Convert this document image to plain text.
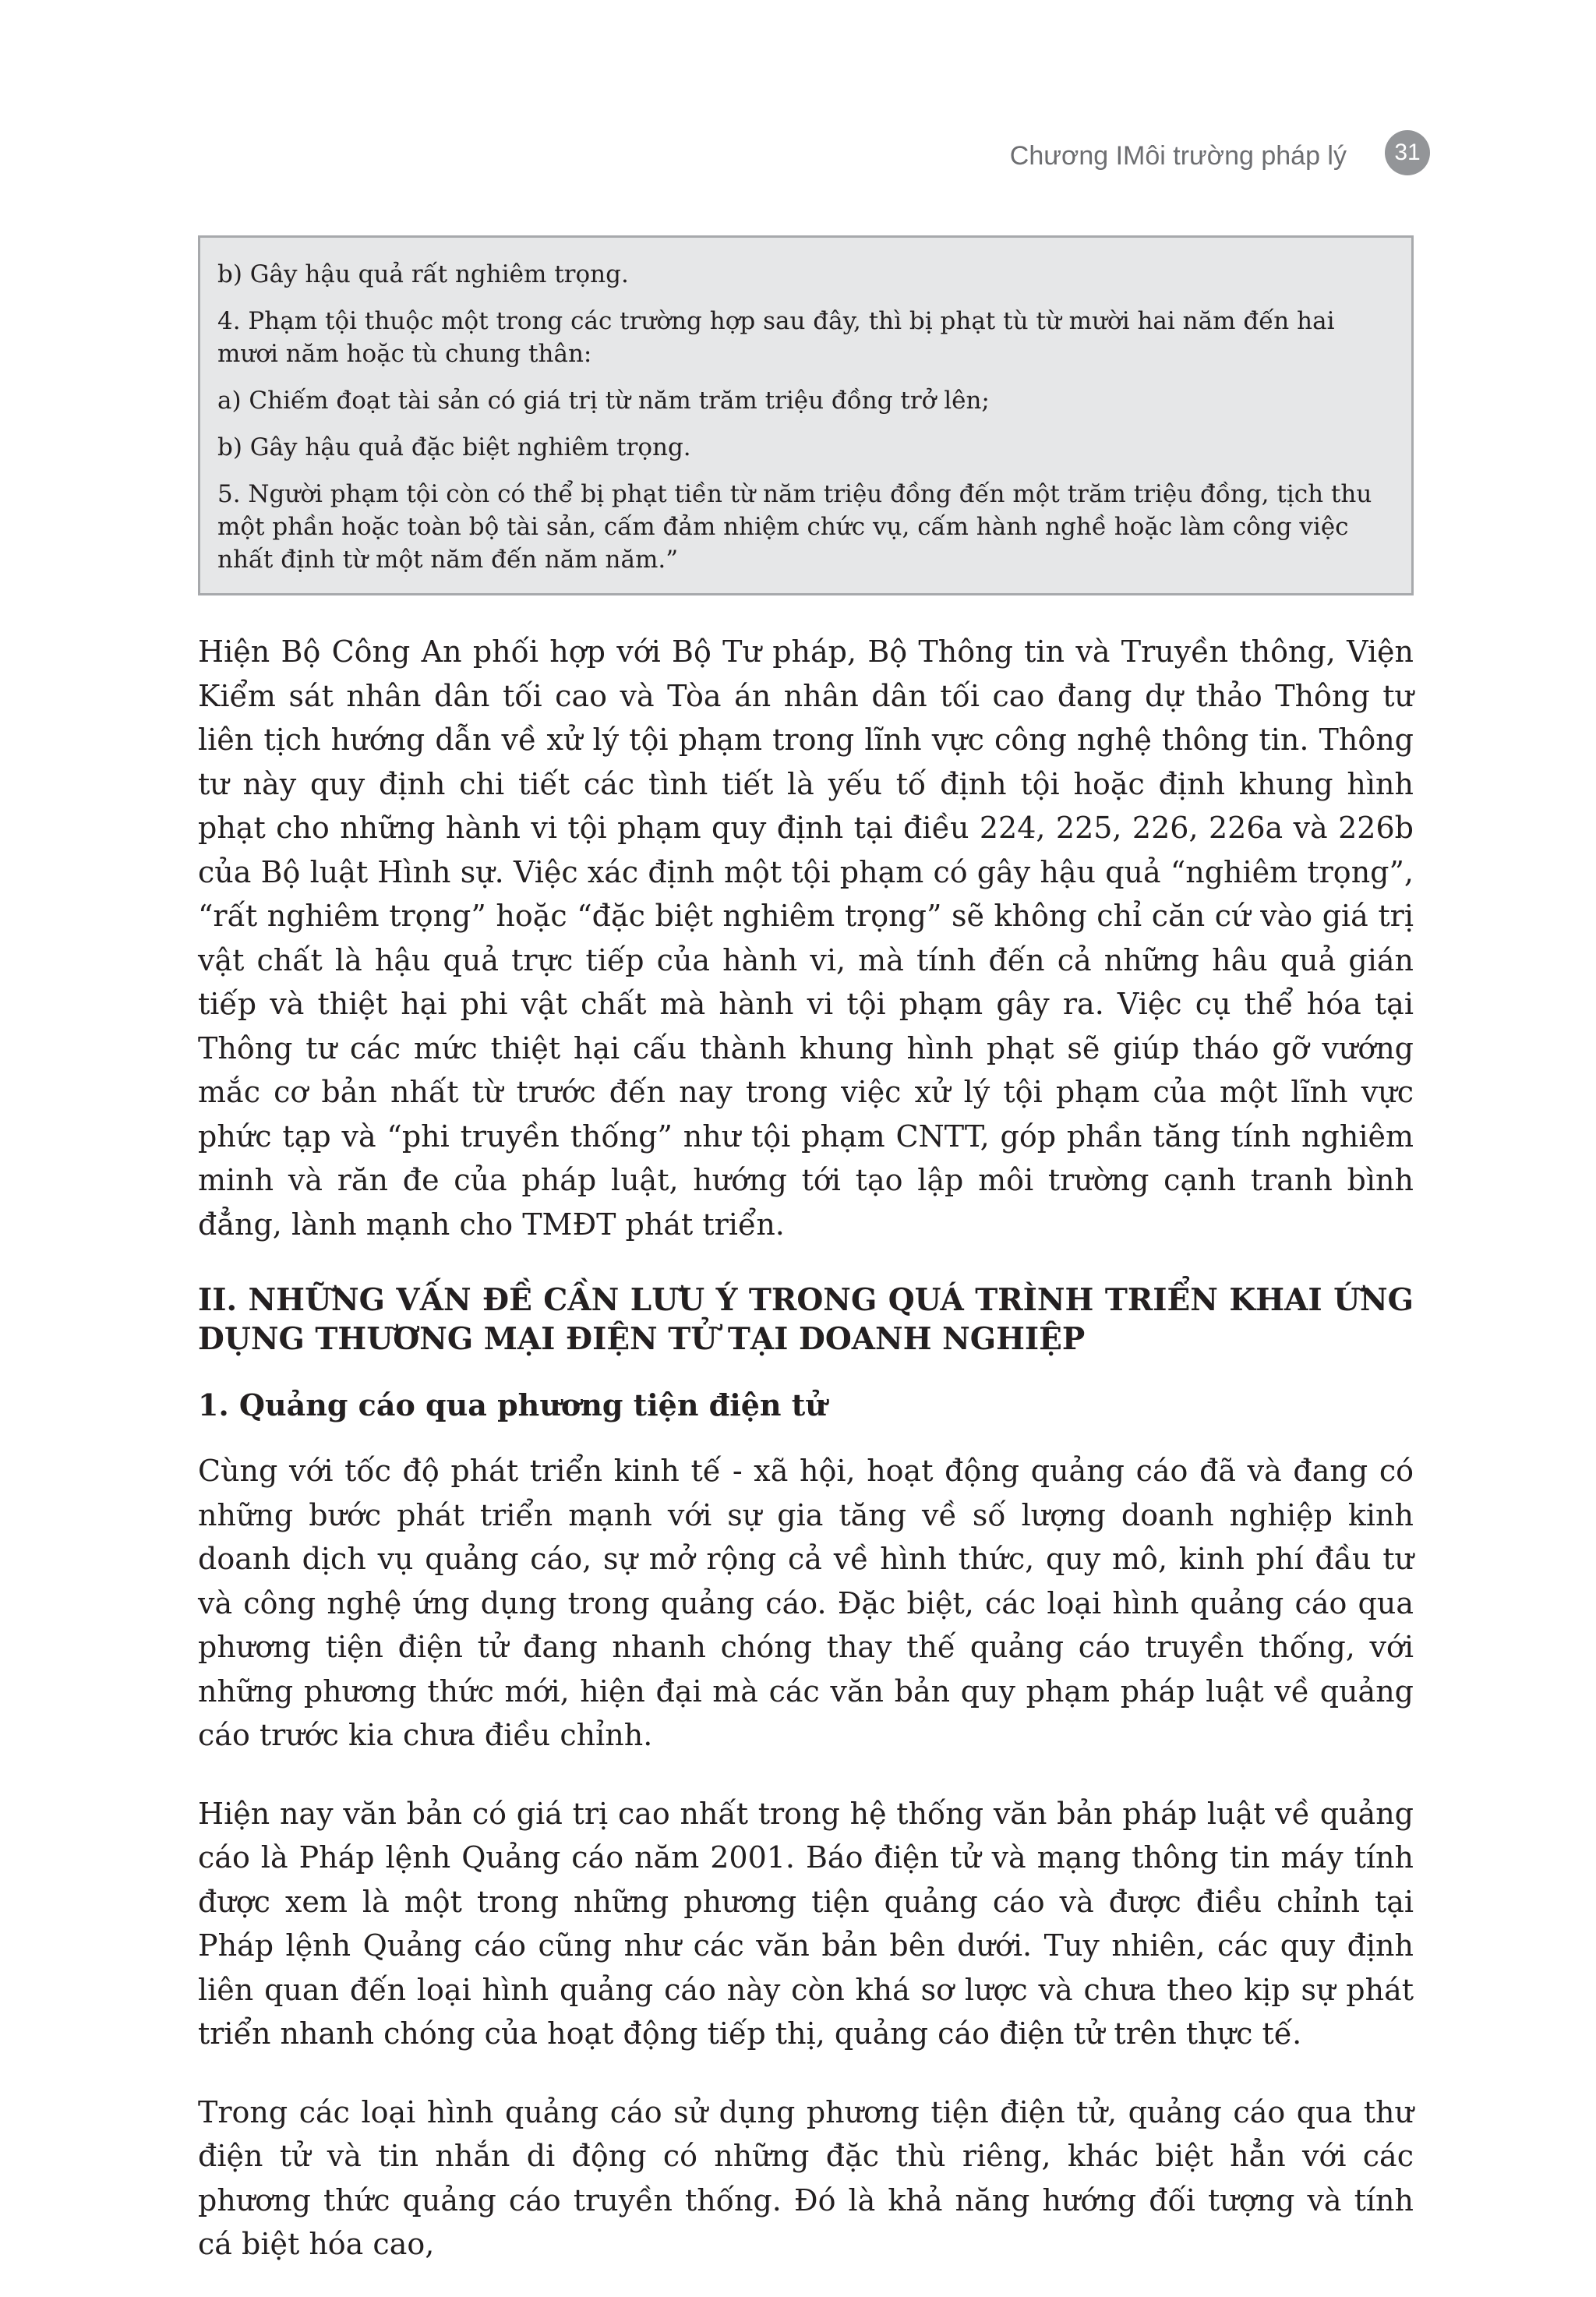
Chương I Môi trường pháp lý 31

b) Gây hậu quả rất nghiêm trọng.

4. Phạm tội thuộc một trong các trường hợp sau đây, thì bị phạt tù từ mười hai năm đến hai mươi năm hoặc tù chung thân:

a) Chiếm đoạt tài sản có giá trị từ năm trăm triệu đồng trở lên;

b) Gây hậu quả đặc biệt nghiêm trọng.

5. Người phạm tội còn có thể bị phạt tiền từ năm triệu đồng đến một trăm triệu đồng, tịch thu một phần hoặc toàn bộ tài sản, cấm đảm nhiệm chức vụ, cấm hành nghề hoặc làm công việc nhất định từ một năm đến năm năm.”

Hiện Bộ Công An phối hợp với Bộ Tư pháp, Bộ Thông tin và Truyền thông, Viện Kiểm sát nhân dân tối cao và Tòa án nhân dân tối cao đang dự thảo Thông tư liên tịch hướng dẫn về xử lý tội phạm trong lĩnh vực công nghệ thông tin. Thông tư này quy định chi tiết các tình tiết là yếu tố định tội hoặc định khung hình phạt cho những hành vi tội phạm quy định tại điều 224, 225, 226, 226a và 226b của Bộ luật Hình sự. Việc xác định một tội phạm có gây hậu quả “nghiêm trọng”, “rất nghiêm trọng” hoặc “đặc biệt nghiêm trọng” sẽ không chỉ căn cứ vào giá trị vật chất là hậu quả trực tiếp của hành vi, mà tính đến cả những hâu quả gián tiếp và thiệt hại phi vật chất mà hành vi tội phạm gây ra. Việc cụ thể hóa tại Thông tư các mức thiệt hại cấu thành khung hình phạt sẽ giúp tháo gỡ vướng mắc cơ bản nhất từ trước đến nay trong việc xử lý tội phạm của một lĩnh vực phức tạp và “phi truyền thống” như tội phạm CNTT, góp phần tăng tính nghiêm minh và răn đe của pháp luật, hướng tới tạo lập môi trường cạnh tranh bình đẳng, lành mạnh cho TMĐT phát triển.

II. NHỮNG VẤN ĐỀ CẦN LƯU Ý TRONG QUÁ TRÌNH TRIỂN KHAI ỨNG DỤNG THƯƠNG MẠI ĐIỆN TỬ TẠI DOANH NGHIỆP
1. Quảng cáo qua phương tiện điện tử

Cùng với tốc độ phát triển kinh tế - xã hội, hoạt động quảng cáo đã và đang có những bước phát triển mạnh với sự gia tăng về số lượng doanh nghiệp kinh doanh dịch vụ quảng cáo, sự mở rộng cả về hình thức, quy mô, kinh phí đầu tư và công nghệ ứng dụng trong quảng cáo. Đặc biệt, các loại hình quảng cáo qua phương tiện điện tử đang nhanh chóng thay thế quảng cáo truyền thống, với những phương thức mới, hiện đại mà các văn bản quy phạm pháp luật về quảng cáo trước kia chưa điều chỉnh.

Hiện nay văn bản có giá trị cao nhất trong hệ thống văn bản pháp luật về quảng cáo là Pháp lệnh Quảng cáo năm 2001. Báo điện tử và mạng thông tin máy tính được xem là một trong những phương tiện quảng cáo và được điều chỉnh tại Pháp lệnh Quảng cáo cũng như các văn bản bên dưới. Tuy nhiên, các quy định liên quan đến loại hình quảng cáo này còn khá sơ lược và chưa theo kịp sự phát triển nhanh chóng của hoạt động tiếp thị, quảng cáo điện tử trên thực tế.

Trong các loại hình quảng cáo sử dụng phương tiện điện tử, quảng cáo qua thư điện tử và tin nhắn di động có những đặc thù riêng, khác biệt hẳn với các phương thức quảng cáo truyền thống. Đó là khả năng hướng đối tượng và tính cá biệt hóa cao,
